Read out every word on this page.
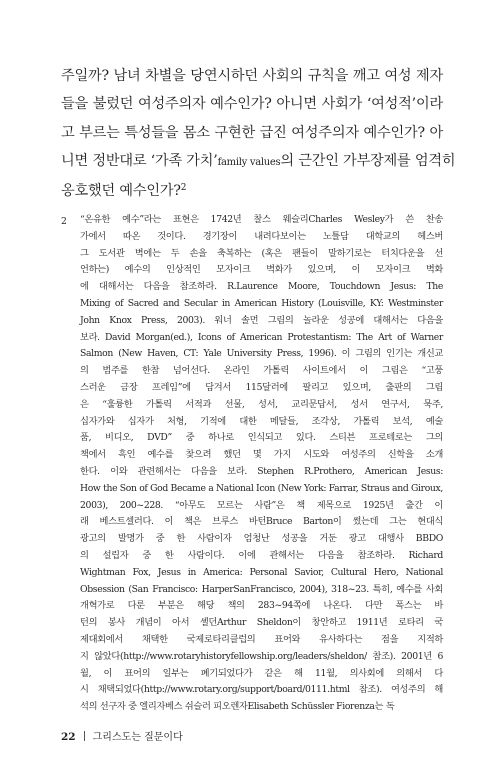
주일까? 남녀 차별을 당연시하던 사회의 규칙을 깨고 여성 제자
들을 불렀던 여성주의자 예수인가? 아니면 사회가 ‘여성적’이라
고 부르는 특성들을 몸소 구현한 급진 여성주의자 예수인가? 아
니면 정반대로 ‘가족 가치’family values의 근간인 가부장제를 엄격히
옹호했던 예수인가?$^2$
2	“온유한 예수”라는 표현은 1742년 찰스 웨슬리Charles Wesley가 쓴 찬송
가에서 따온 것이다. 경기장이 내려다보이는 노틀담 대학교의 헤스버
그 도서관 벽에는 두 손을 축복하는 (혹은 팬들이 말하기로는 터치다운을 선
언하는) 예수의 인상적인 모자이크 벽화가 있으며, 이 모자이크 벽화
에 대해서는 다음을 참조하라. R.Laurence Moore, Touchdown Jesus: The
Mixing of Sacred and Secular in American History (Louisville, KY: Westminster
John Knox Press, 2003). 워너 솔먼 그림의 놀라운 성공에 대해서는 다음을
보라. David Morgan(ed.), Icons of American Protestantism: The Art of Warner
Salmon (New Haven, CT: Yale University Press, 1996). 이 그림의 인기는 개신교
의 범주를 한참 넘어선다. 온라인 가톨릭 사이트에서 이 그림은 “고풍
스러운 금장 프레임”에 담겨서 115달러에 팔리고 있으며, 출판의 그림
은 “훌륭한 가톨릭 서적과 선물, 성서, 교리문답서, 성서 연구서, 묵주,
십자가와 십자가 처형, 기적에 대한 메달들, 조각상, 가톨릭 보석, 예술
품, 비디오, DVD” 중 하나로 인식되고 있다. 스티븐 프로테로는 그의
책에서 흑인 예수를 찾으려 했던 몇 가지 시도와 여성주의 신학을 소개
한다. 이와 관련해서는 다음을 보라. Stephen R.Prothero, American Jesus:
How the Son of God Became a National Icon (New York: Farrar, Straus and Giroux,
2003), 200~228. “아무도 모르는 사람”은 책 제목으로 1925년 출간 이
래 베스트셀러다. 이 책은 브루스 바턴Bruce Barton이 썼는데 그는 현대식
광고의 발명가 중 한 사람이자 엄청난 성공을 거둔 광고 대행사 BBDO
의 설립자 중 한 사람이다. 이에 관해서는 다음을 참조하라. Richard
Wightman Fox, Jesus in America: Personal Savior, Cultural Hero, National
Obsession (San Francisco: HarperSanFrancisco, 2004), 318~23. 특히, 예수를 사회
개혁가로 다룬 부분은 해당 책의 283~94쪽에 나온다. 다만 폭스는 바
턴의 봉사 개념이 아서 셸던Arthur Sheldon이 창안하고 1911년 로타리 국
제대회에서 채택한 국제로타리클럽의 표어와 유사하다는 점을 지적하
지 않았다(http://www.rotaryhistoryfellowship.org/leaders/sheldon/ 참조). 2001년 6
월, 이 표어의 일부는 폐기되었다가 같은 해 11월, 의사회에 의해서 다
시 채택되었다(http://www.rotary.org/support/board/0111.html 참조). 여성주의 해
석의 선구자 중 엘리자베스 쉬슬러 피오렌자Elisabeth Schüssler Fiorenza는 독
22 그리스도는 질문이다
